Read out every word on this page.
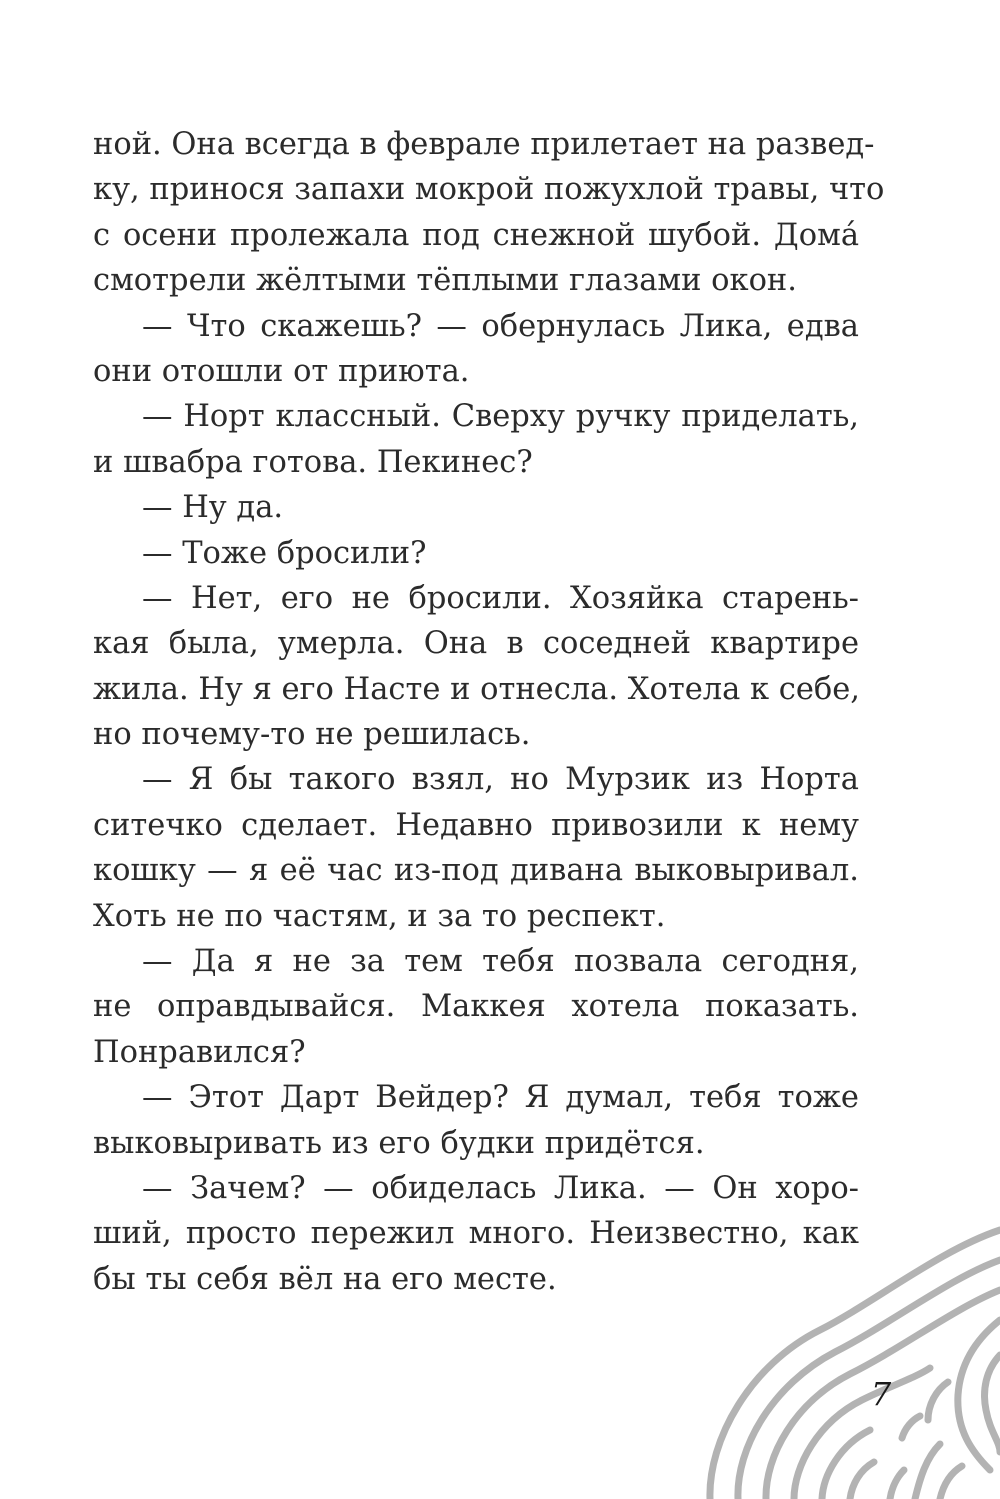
ной. Она всегда в феврале прилетает на развед-
ку, принося запахи мокрой пожухлой травы, что
с осени пролежала под снежной шубой. Дома́
смотрели жёлтыми тёплыми глазами окон.
— Что скажешь? — обернулась Лика, едва
они отошли от приюта.
— Норт классный. Сверху ручку приделать,
и швабра готова. Пекинес?
— Ну да.
— Тоже бросили?
— Нет, его не бросили. Хозяйка старень-
кая была, умерла. Она в соседней квартире
жила. Ну я его Насте и отнесла. Хотела к себе,
но почему-то не решилась.
— Я бы такого взял, но Мурзик из Норта
ситечко сделает. Недавно привозили к нему
кошку — я её час из-под дивана выковыривал.
Хоть не по частям, и за то респект.
— Да я не за тем тебя позвала сегодня,
не оправдывайся. Маккея хотела показать.
Понравился?
— Этот Дарт Вейдер? Я думал, тебя тоже
выковыривать из его будки придётся.
— Зачем? — обиделась Лика. — Он хоро-
ший, просто пережил много. Неизвестно, как
бы ты себя вёл на его месте.
7
